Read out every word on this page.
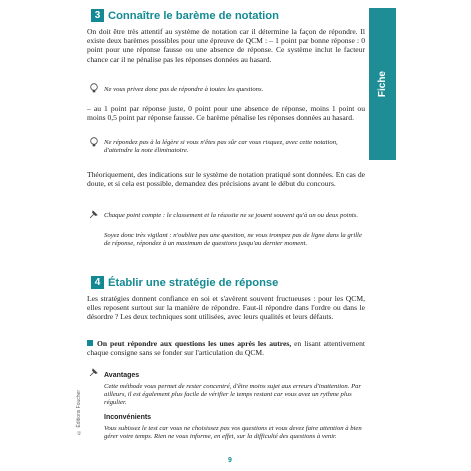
Fiche
3 Connaître le barème de notation
On doit être très attentif au système de notation car il détermine la façon de répondre. Il existe deux barèmes possibles pour une épreuve de QCM : – 1 point par bonne réponse : 0 point pour une réponse fausse ou une absence de réponse. Ce système inclut le facteur chance car il ne pénalise pas les réponses données au hasard.
Ne vous privez donc pas de répondre à toutes les questions.
– au 1 point par réponse juste, 0 point pour une absence de réponse, moins 1 point ou moins 0,5 point par réponse fausse. Ce barème pénalise les réponses données au hasard.
Ne répondez pas à la légère si vous n'êtes pas sûr car vous risquez, avec cette notation, d'atteindre la note éliminatoire.
Théoriquement, des indications sur le système de notation pratiqué sont données. En cas de doute, et si cela est possible, demandez des précisions avant le début du concours.
Chaque point compte : le classement et la réussite ne se jouent souvent qu'à un ou deux points.
Soyez donc très vigilant : n'oubliez pas une question, ne vous trompez pas de ligne dans la grille de réponse, répondez à un maximum de questions jusqu'au dernier moment.
4 Établir une stratégie de réponse
Les stratégies donnent confiance en soi et s'avèrent souvent fructueuses : pour les QCM, elles reposent surtout sur la manière de répondre. Faut-il répondre dans l'ordre ou dans le désordre ? Les deux techniques sont utilisées, avec leurs qualités et leurs défauts.
On peut répondre aux questions les unes après les autres, en lisant attentivement chaque consigne sans se fonder sur l'articulation du QCM.
Avantages
Cette méthode vous permet de rester concentré, d'être moins sujet aux erreurs d'inattention. Par ailleurs, il est également plus facile de vérifier le temps restant car vous avez un rythme plus régulier.
Inconvénients
Vous subissez le test car vous ne choisissez pas vos questions et vous devez faire attention à bien gérer votre temps. Rien ne vous informe, en effet, sur la difficulté des questions à venir.
© Éditions Foucher
9
